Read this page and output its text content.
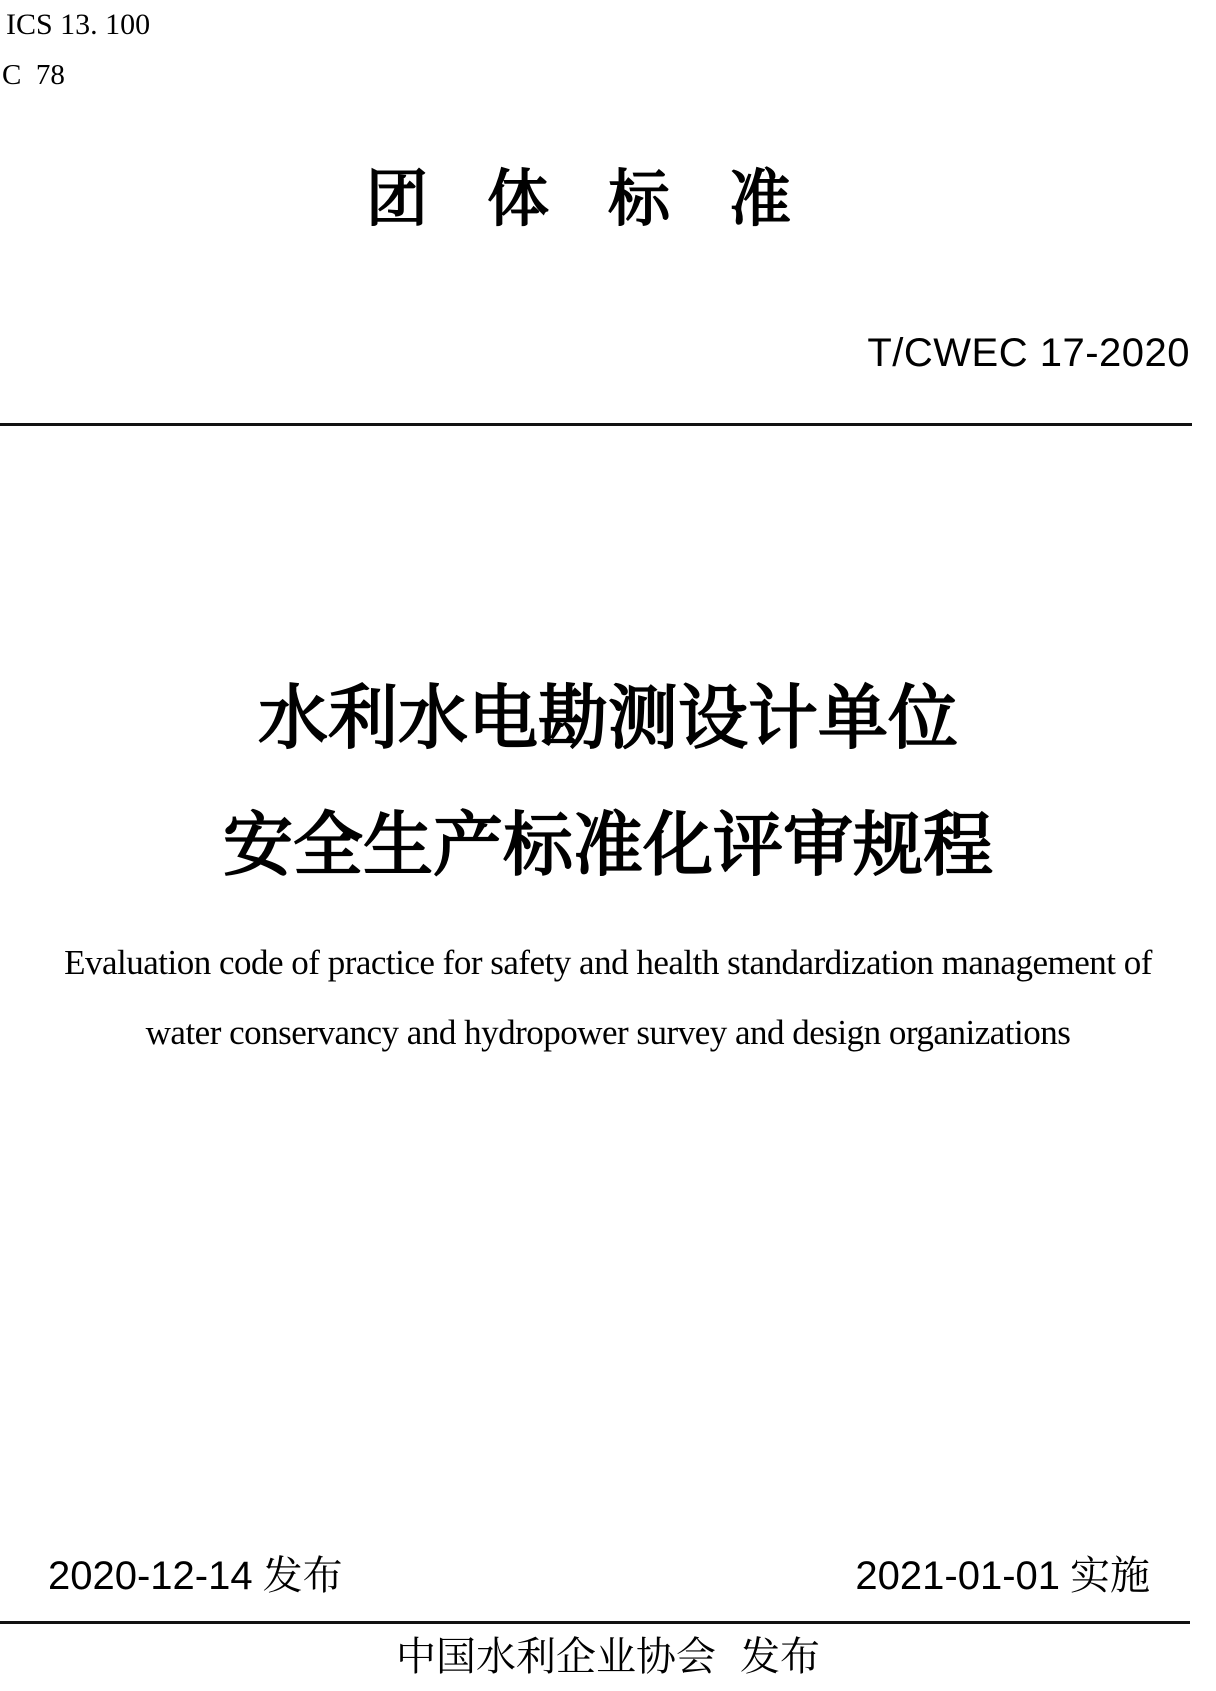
ICS 13. 100
C  78
团体标准
T/CWEC 17-2020
水利水电勘测设计单位
安全生产标准化评审规程
Evaluation code of practice for safety and health standardization management of
water conservancy and hydropower survey and design organizations
2020-12-14 发布	2021-01-01 实施
中国水利企业协会 发布
